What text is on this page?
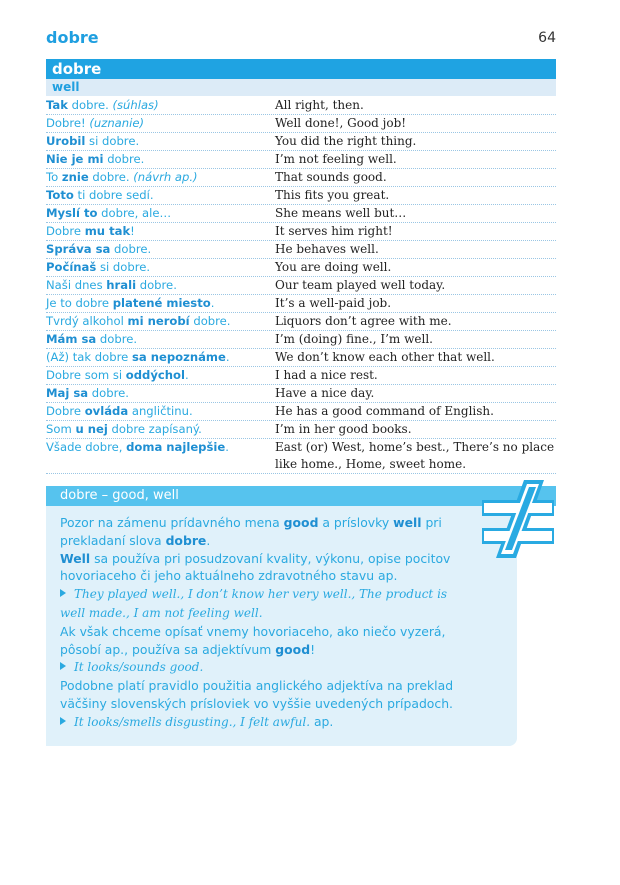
dobre	64
dobre
well
Tak dobre. (súhlas)	All right, then.
Dobre! (uznanie)	Well done!, Good job!
Urobil si dobre.	You did the right thing.
Nie je mi dobre.	I’m not feeling well.
To znie dobre. (návrh ap.)	That sounds good.
Toto ti dobre sedí.	This fits you great.
Myslí to dobre, ale…	She means well but…
Dobre mu tak!	It serves him right!
Správa sa dobre.	He behaves well.
Počínaš si dobre.	You are doing well.
Naši dnes hrali dobre.	Our team played well today.
Je to dobre platené miesto.	It’s a well-paid job.
Tvrdý alkohol mi nerobí dobre.	Liquors don’t agree with me.
Mám sa dobre.	I’m (doing) fine., I’m well.
(Až) tak dobre sa nepoznáme.	We don’t know each other that well.
Dobre som si oddýchol.	I had a nice rest.
Maj sa dobre.	Have a nice day.
Dobre ovláda angličtinu.	He has a good command of English.
Som u nej dobre zapísaný.	I’m in her good books.
Všade dobre, doma najlepšie.	East (or) West, home’s best., There’s no place like home., Home, sweet home.
dobre – good, well

Pozor na zámenu prídavného mena good a príslovky well pri prekladaní slova dobre.

Well sa používa pri posudzovaní kvality, výkonu, opise pocitov hovoriaceho či jeho aktuálneho zdravotného stavu ap.

They played well., I don’t know her very well., The product is well made., I am not feeling well.

Ak však chceme opísať vnemy hovoriaceho, ako niečo vyzerá, pôsobí ap., používa sa adjektívum good!

It looks/sounds good.

Podobne platí pravidlo použitia anglického adjektíva na preklad väčšiny slovenských prísloviek vo vyššie uvedených prípadoch.

It looks/smells disgusting., I felt awful. ap.
